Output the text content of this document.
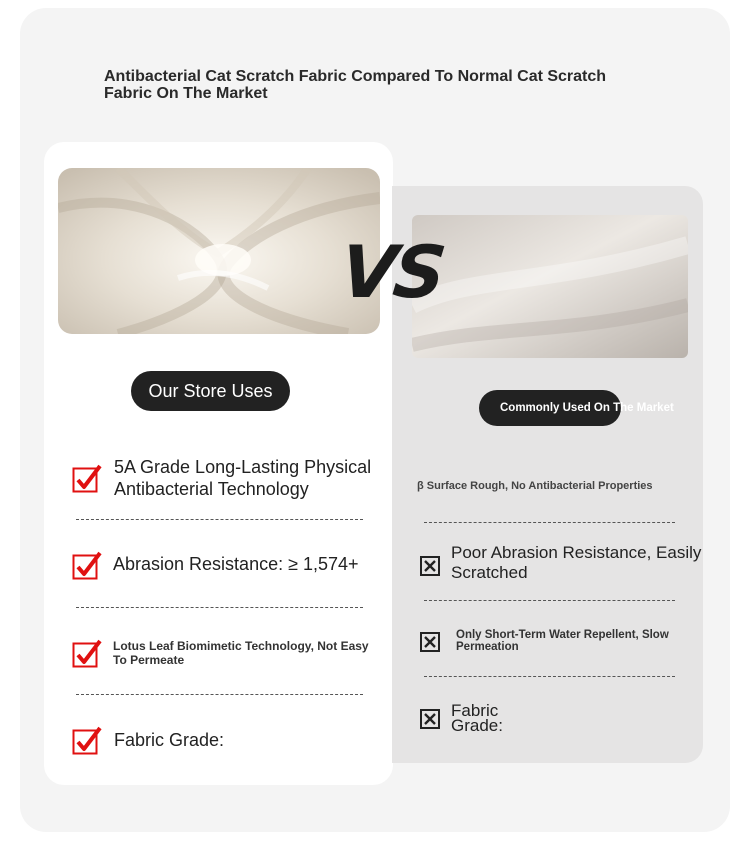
Antibacterial Cat Scratch Fabric Compared To Normal Cat Scratch Fabric On The Market
VS
Our Store Uses
Commonly Used On The Market
5A Grade Long-Lasting Physical Antibacterial Technology
Abrasion Resistance: ≥ 1,574+
Lotus Leaf Biomimetic Technology, Not Easy To Permeate
Fabric Grade:
β Surface Rough, No Antibacterial Properties
Poor Abrasion Resistance, Easily Scratched
Only Short-Term Water Repellent, Slow Permeation
Fabric Grade:
